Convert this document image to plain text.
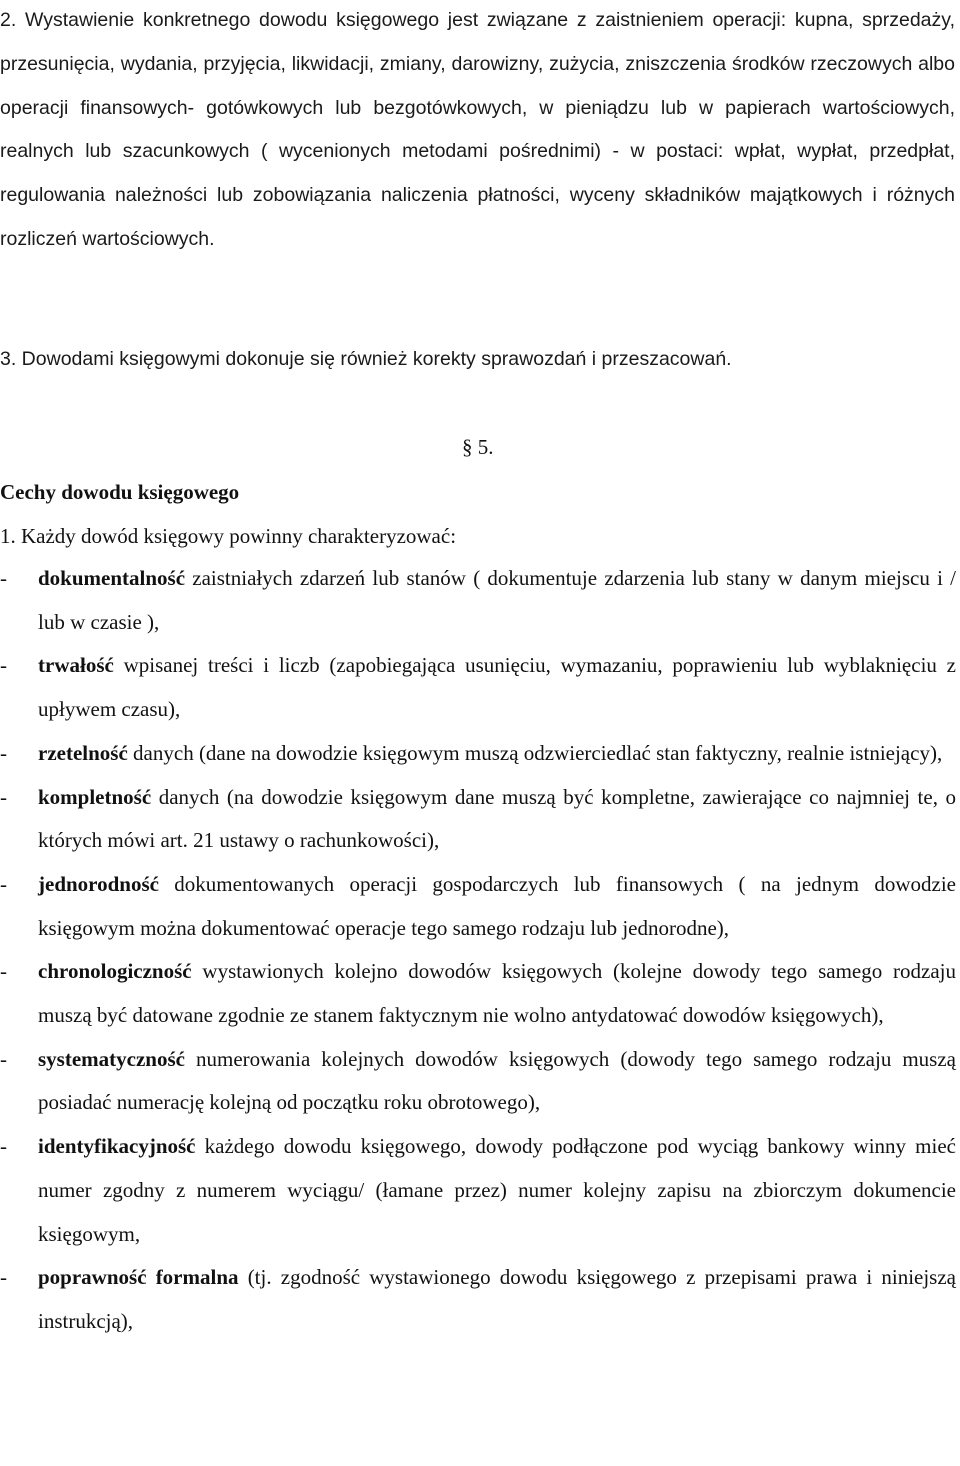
2. Wystawienie konkretnego dowodu księgowego jest związane z zaistnieniem operacji: kupna, sprzedaży, przesunięcia, wydania, przyjęcia, likwidacji, zmiany, darowizny, zużycia, zniszczenia środków rzeczowych albo operacji finansowych- gotówkowych lub bezgotówkowych, w pieniądzu lub w papierach wartościowych, realnych lub szacunkowych ( wycenionych metodami pośrednimi) - w postaci: wpłat, wypłat, przedpłat, regulowania należności lub zobowiązania naliczenia płatności, wyceny składników majątkowych i różnych rozliczeń wartościowych.

3. Dowodami księgowymi dokonuje się również korekty sprawozdań i przeszacowań.

§ 5.
Cechy dowodu księgowego

1. Każdy dowód księgowy powinny charakteryzować:

- dokumentalność zaistniałych zdarzeń lub stanów ( dokumentuje zdarzenia lub stany w danym miejscu i / lub w czasie ),
- trwałość wpisanej treści i liczb (zapobiegająca usunięciu, wymazaniu, poprawieniu lub wyblaknięciu z upływem czasu),
- rzetelność danych (dane na dowodzie księgowym muszą odzwierciedlać stan faktyczny, realnie istniejący),
- kompletność danych (na dowodzie księgowym dane muszą być kompletne, zawierające co najmniej te, o których mówi art. 21 ustawy o rachunkowości),
- jednorodność dokumentowanych operacji gospodarczych lub finansowych ( na jednym dowodzie księgowym można dokumentować operacje tego samego rodzaju lub jednorodne),
- chronologiczność wystawionych kolejno dowodów księgowych (kolejne dowody tego samego rodzaju muszą być datowane zgodnie ze stanem faktycznym nie wolno antydatować dowodów księgowych),
- systematyczność numerowania kolejnych dowodów księgowych (dowody tego samego rodzaju muszą posiadać numerację kolejną od początku roku obrotowego),
- identyfikacyjność każdego dowodu księgowego, dowody podłączone pod wyciąg bankowy winny mieć numer zgodny z numerem wyciągu/ (łamane przez) numer kolejny zapisu na zbiorczym dokumencie księgowym,
- poprawność formalna (tj. zgodność wystawionego dowodu księgowego z przepisami prawa i niniejszą instrukcją),
